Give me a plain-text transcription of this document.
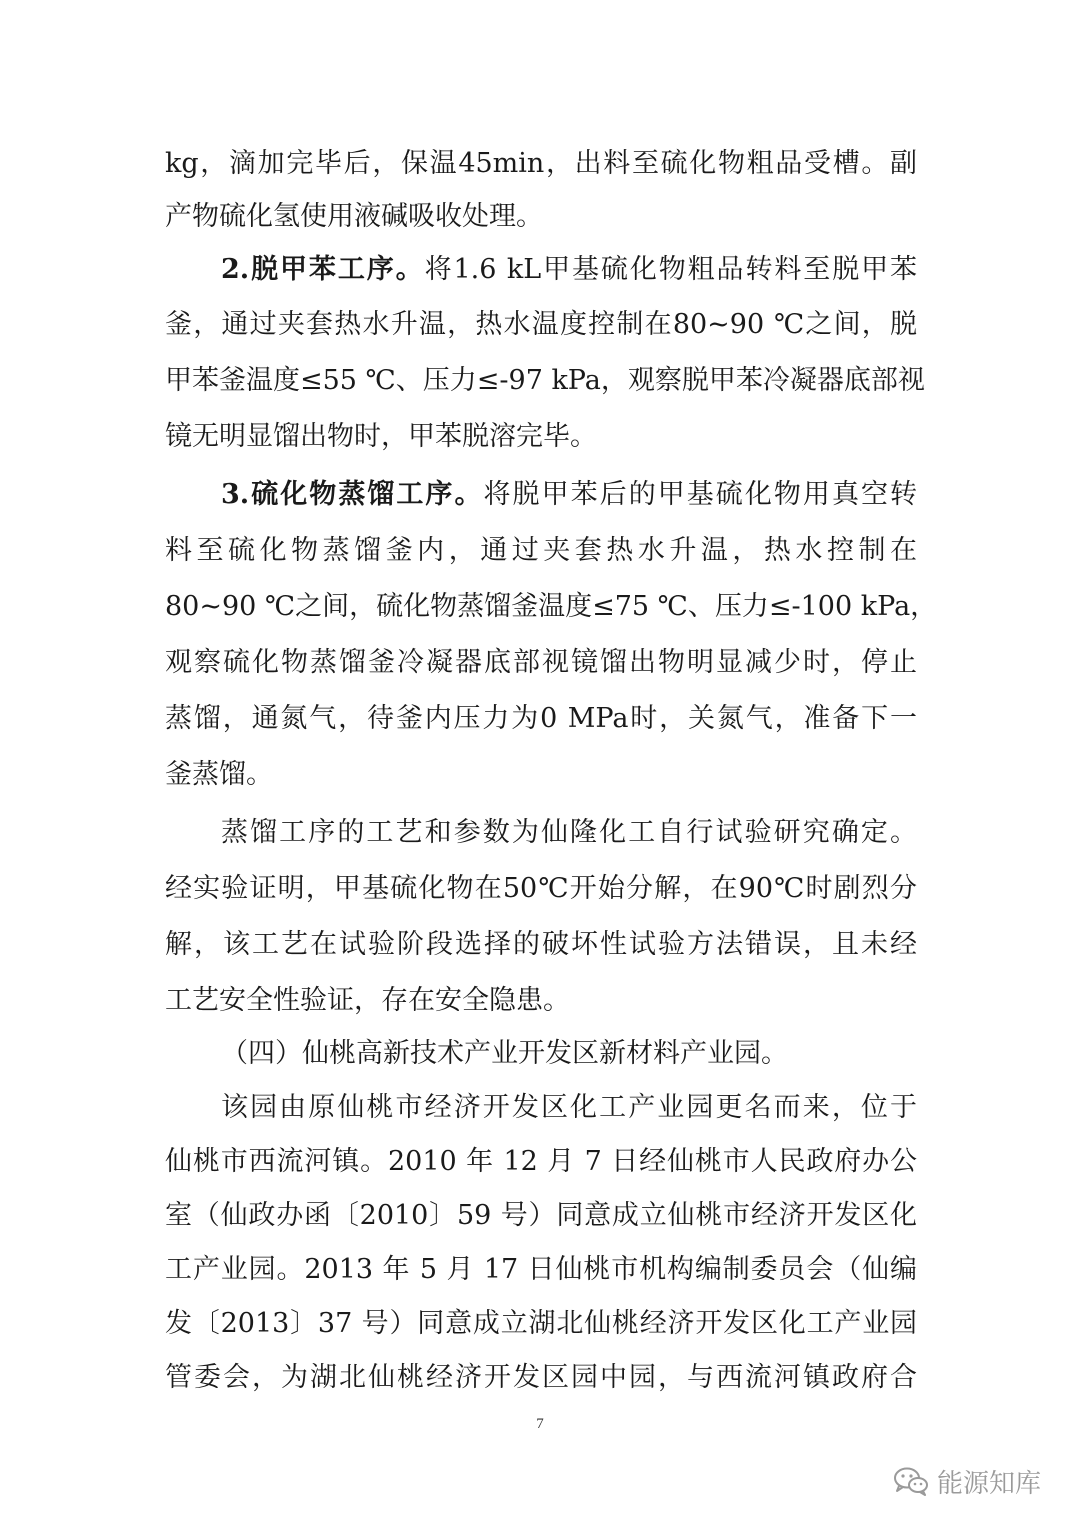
kg，滴加完毕后，保温45min，出料至硫化物粗品受槽。副
产物硫化氢使用液碱吸收处理。
2.脱甲苯工序。将1.6 kL甲基硫化物粗品转料至脱甲苯
釜，通过夹套热水升温，热水温度控制在80~90 ℃之间，脱
甲苯釜温度≤55 ℃、压力≤-97 kPa，观察脱甲苯冷凝器底部视
镜无明显馏出物时，甲苯脱溶完毕。
3.硫化物蒸馏工序。将脱甲苯后的甲基硫化物用真空转
料至硫化物蒸馏釜内，通过夹套热水升温，热水控制在
80~90 ℃之间，硫化物蒸馏釜温度≤75 ℃、压力≤-100 kPa，
观察硫化物蒸馏釜冷凝器底部视镜馏出物明显减少时，停止
蒸馏，通氮气，待釜内压力为0 MPa时，关氮气，准备下一
釜蒸馏。
蒸馏工序的工艺和参数为仙隆化工自行试验研究确定。
经实验证明，甲基硫化物在50℃开始分解，在90℃时剧烈分
解，该工艺在试验阶段选择的破坏性试验方法错误，且未经
工艺安全性验证，存在安全隐患。
（四）仙桃高新技术产业开发区新材料产业园。
该园由原仙桃市经济开发区化工产业园更名而来，位于
仙桃市西流河镇。2010 年 12 月 7 日经仙桃市人民政府办公
室（仙政办函〔2010〕59 号）同意成立仙桃市经济开发区化
工产业园。2013 年 5 月 17 日仙桃市机构编制委员会（仙编
发〔2013〕37 号）同意成立湖北仙桃经济开发区化工产业园
管委会，为湖北仙桃经济开发区园中园，与西流河镇政府合
7
能源知库
